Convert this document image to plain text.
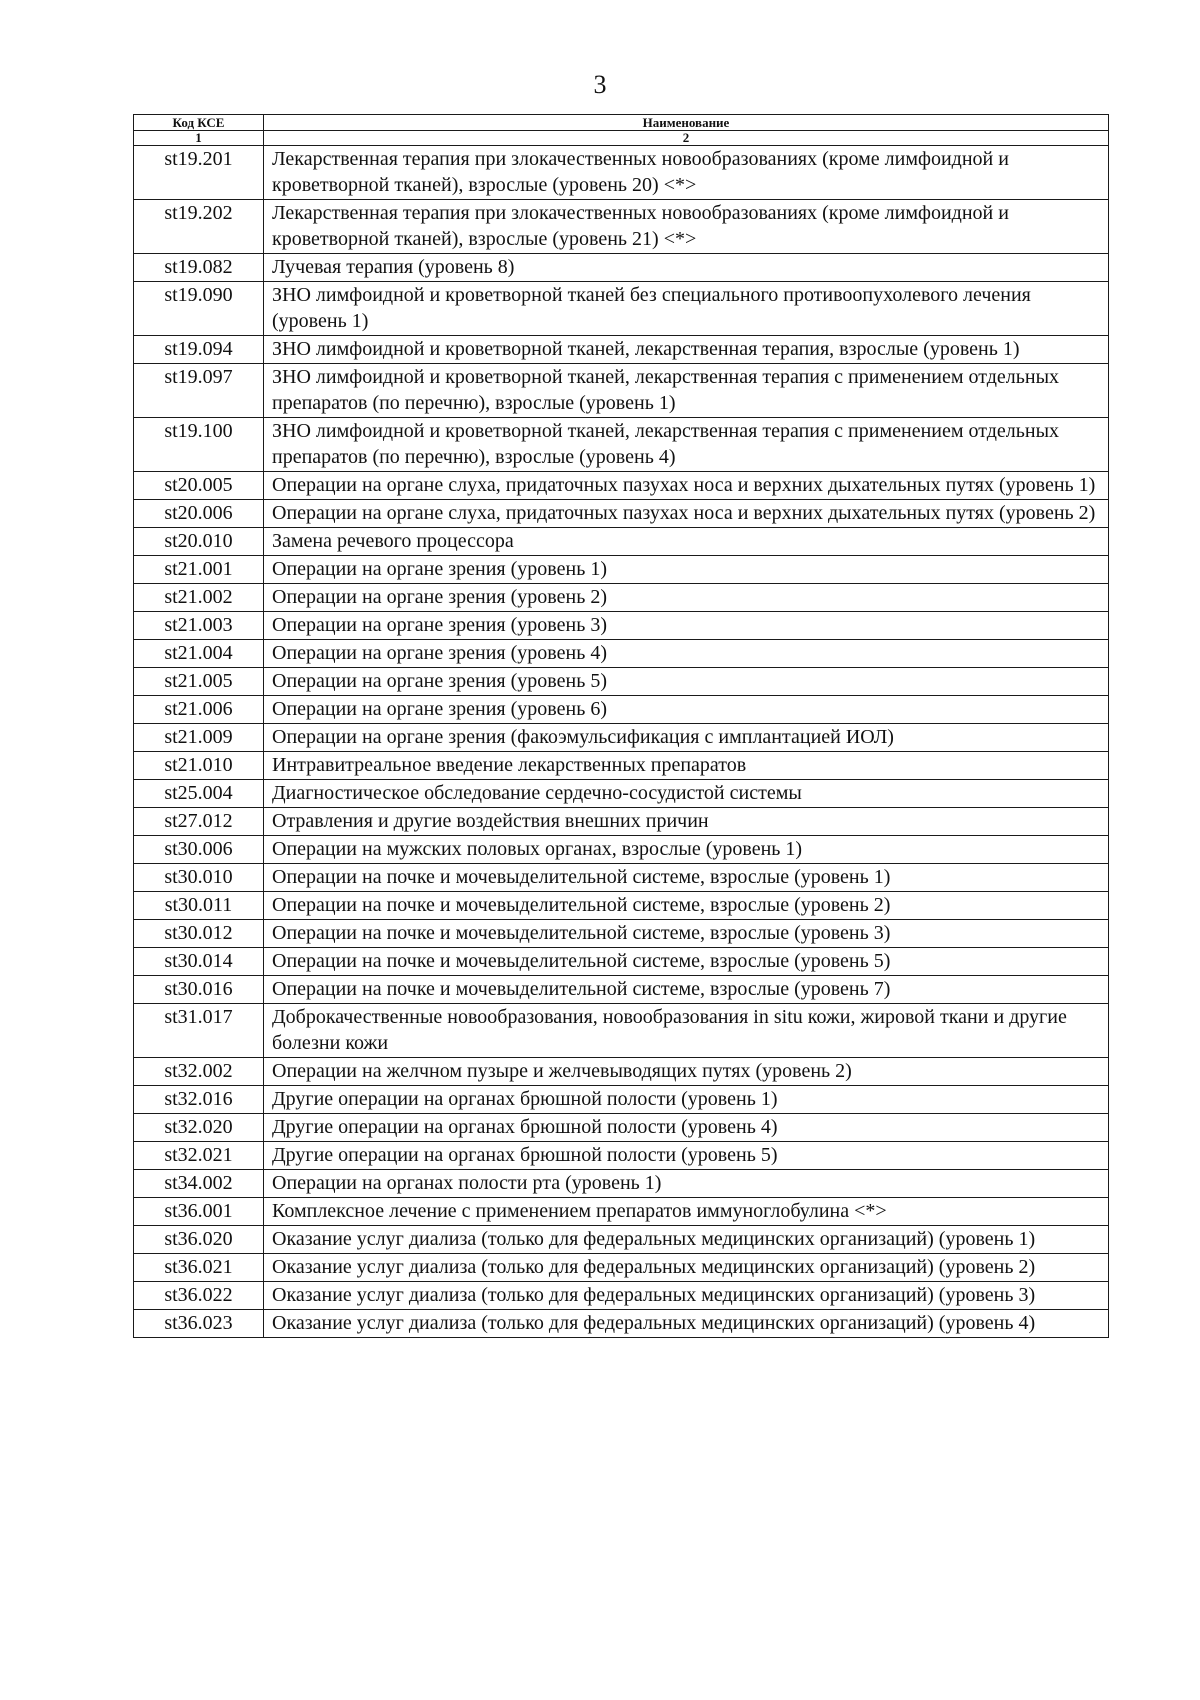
3
Код КСЕ	Наименование
1	2
st19.201	Лекарственная терапия при злокачественных новообразованиях (кроме лимфоидной и кроветворной тканей), взрослые (уровень 20) <*>
st19.202	Лекарственная терапия при злокачественных новообразованиях (кроме лимфоидной и кроветворной тканей), взрослые (уровень 21) <*>
st19.082	Лучевая терапия (уровень 8)
st19.090	ЗНО лимфоидной и кроветворной тканей без специального противоопухолевого лечения (уровень 1)
st19.094	ЗНО лимфоидной и кроветворной тканей, лекарственная терапия, взрослые (уровень 1)
st19.097	ЗНО лимфоидной и кроветворной тканей, лекарственная терапия с применением отдельных препаратов (по перечню), взрослые (уровень 1)
st19.100	ЗНО лимфоидной и кроветворной тканей, лекарственная терапия с применением отдельных препаратов (по перечню), взрослые (уровень 4)
st20.005	Операции на органе слуха, придаточных пазухах носа и верхних дыхательных путях (уровень 1)
st20.006	Операции на органе слуха, придаточных пазухах носа и верхних дыхательных путях (уровень 2)
st20.010	Замена речевого процессора
st21.001	Операции на органе зрения (уровень 1)
st21.002	Операции на органе зрения (уровень 2)
st21.003	Операции на органе зрения (уровень 3)
st21.004	Операции на органе зрения (уровень 4)
st21.005	Операции на органе зрения (уровень 5)
st21.006	Операции на органе зрения (уровень 6)
st21.009	Операции на органе зрения (факоэмульсификация с имплантацией ИОЛ)
st21.010	Интравитреальное введение лекарственных препаратов
st25.004	Диагностическое обследование сердечно-сосудистой системы
st27.012	Отравления и другие воздействия внешних причин
st30.006	Операции на мужских половых органах, взрослые (уровень 1)
st30.010	Операции на почке и мочевыделительной системе, взрослые (уровень 1)
st30.011	Операции на почке и мочевыделительной системе, взрослые (уровень 2)
st30.012	Операции на почке и мочевыделительной системе, взрослые (уровень 3)
st30.014	Операции на почке и мочевыделительной системе, взрослые (уровень 5)
st30.016	Операции на почке и мочевыделительной системе, взрослые (уровень 7)
st31.017	Доброкачественные новообразования, новообразования in situ кожи, жировой ткани и другие болезни кожи
st32.002	Операции на желчном пузыре и желчевыводящих путях (уровень 2)
st32.016	Другие операции на органах брюшной полости (уровень 1)
st32.020	Другие операции на органах брюшной полости (уровень 4)
st32.021	Другие операции на органах брюшной полости (уровень 5)
st34.002	Операции на органах полости рта (уровень 1)
st36.001	Комплексное лечение с применением препаратов иммуноглобулина <*>
st36.020	Оказание услуг диализа (только для федеральных медицинских организаций) (уровень 1)
st36.021	Оказание услуг диализа (только для федеральных медицинских организаций) (уровень 2)
st36.022	Оказание услуг диализа (только для федеральных медицинских организаций) (уровень 3)
st36.023	Оказание услуг диализа (только для федеральных медицинских организаций) (уровень 4)
